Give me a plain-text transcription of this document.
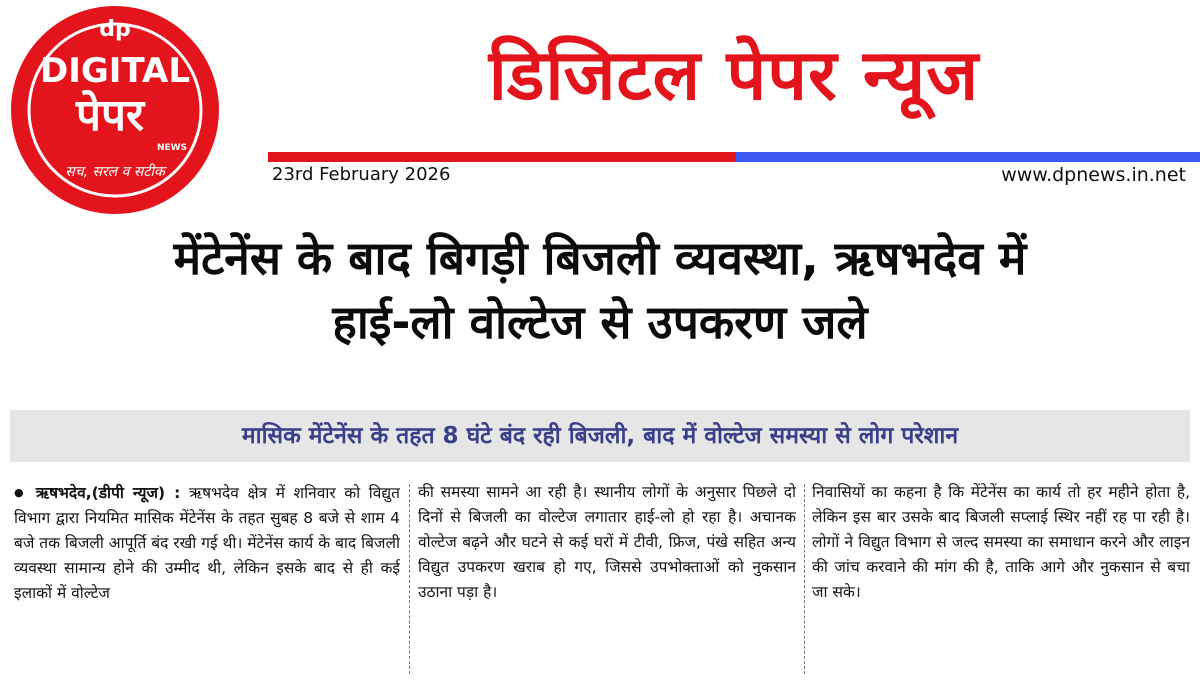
dp
DIGITAL
पेपर
NEWS
सच, सरल व सटीक
डिजिटल पेपर न्यूज
23rd February 2026	www.dpnews.in.net
मेंटेनेंस के बाद बिगड़ी बिजली व्यवस्था, ऋषभदेव में
हाई-लो वोल्टेज से उपकरण जले
मासिक मेंटेनेंस के तहत 8 घंटे बंद रही बिजली, बाद में वोल्टेज समस्या से लोग परेशान
● ऋषभदेव,(डीपी न्यूज) : ऋषभदेव क्षेत्र में शनिवार को विद्युत विभाग द्वारा नियमित मासिक मेंटेनेंस के तहत सुबह 8 बजे से शाम 4 बजे तक बिजली आपूर्ति बंद रखी गई थी। मेंटेनेंस कार्य के बाद बिजली व्यवस्था सामान्य होने की उम्मीद थी, लेकिन इसके बाद से ही कई इलाकों में वोल्टेज
की समस्या सामने आ रही है। स्थानीय लोगों के अनुसार पिछले दो दिनों से बिजली का वोल्टेज लगातार हाई-लो हो रहा है। अचानक वोल्टेज बढ़ने और घटने से कई घरों में टीवी, फ्रिज, पंखे सहित अन्य विद्युत उपकरण खराब हो गए, जिससे उपभोक्ताओं को नुकसान उठाना पड़ा है।
निवासियों का कहना है कि मेंटेनेंस का कार्य तो हर महीने होता है, लेकिन इस बार उसके बाद बिजली सप्लाई स्थिर नहीं रह पा रही है। लोगों ने विद्युत विभाग से जल्द समस्या का समाधान करने और लाइन की जांच करवाने की मांग की है, ताकि आगे और नुकसान से बचा जा सके।
